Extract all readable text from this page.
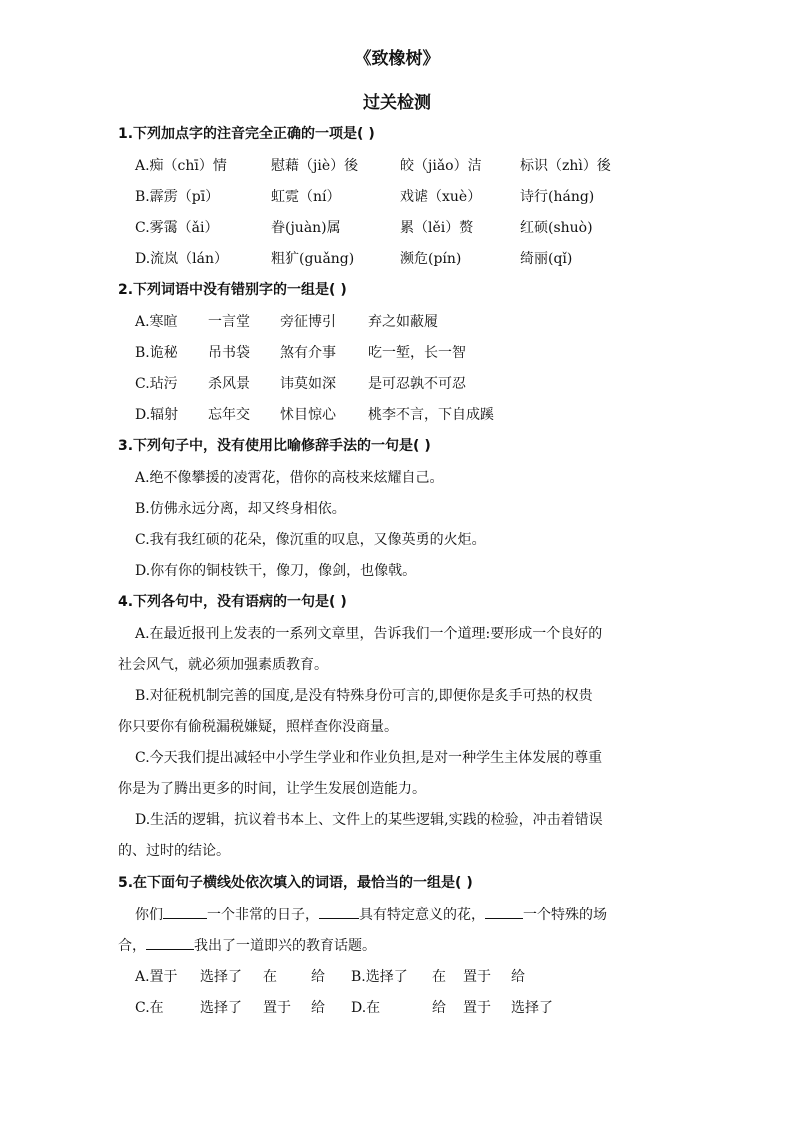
《致橡树》
过关检测
1.下列加点字的注音完全正确的一项是( )
A.痴（chī）情	慰藉（jiè）後	皎（jiǎo）洁	标识（zhì）後
B.霹雳（pī）	虹霓（ní）	戏谑（xuè）	诗行(háng)
C.雾霭（ǎi）	眷(juàn)属	累（lěi）赘	红硕(shuò)
D.流岚（lán）	粗犷(guǎng)	濒危(pín)	绮丽(qǐ)
2.下列词语中没有错别字的一组是( )
A.寒暄 一言堂 旁征博引 弃之如蔽履
B.诡秘 吊书袋 煞有介事 吃一堑，长一智
C.玷污 杀风景 讳莫如深 是可忍孰不可忍
D.辐射 忘年交 怵目惊心 桃李不言，下自成蹊
3.下列句子中，没有使用比喻修辞手法的一句是( )
A.绝不像攀援的凌霄花，借你的高枝来炫耀自己。
B.仿佛永远分离，却又终身相依。
C.我有我红硕的花朵，像沉重的叹息，又像英勇的火炬。
D.你有你的铜枝铁干，像刀，像剑，也像戟。
4.下列各句中，没有语病的一句是( )
A.在最近报刊上发表的一系列文章里，告诉我们一个道理:要形成一个良好的
社会风气，就必须加强素质教育。
B.对征税机制完善的国度,是没有特殊身份可言的,即便你是炙手可热的权贵
你只要你有偷税漏税嫌疑，照样查你没商量。
C.今天我们提出减轻中小学生学业和作业负担,是对一种学生主体发展的尊重
你是为了腾出更多的时间，让学生发展创造能力。
D.生活的逻辑，抗议着书本上、文件上的某些逻辑,实践的检验，冲击着错误
的、过时的结论。
5.在下面句子横线处依次填入的词语，最恰当的一组是( )
你们	一个非常的日子，	具有特定意义的花，	一个特殊的场
合，	我出了一道即兴的教育话题。
A.置于 选择了 在 给 B.选择了 在 置于 给
C.在	选择了 置于 给 D.在	给 置于 选择了
